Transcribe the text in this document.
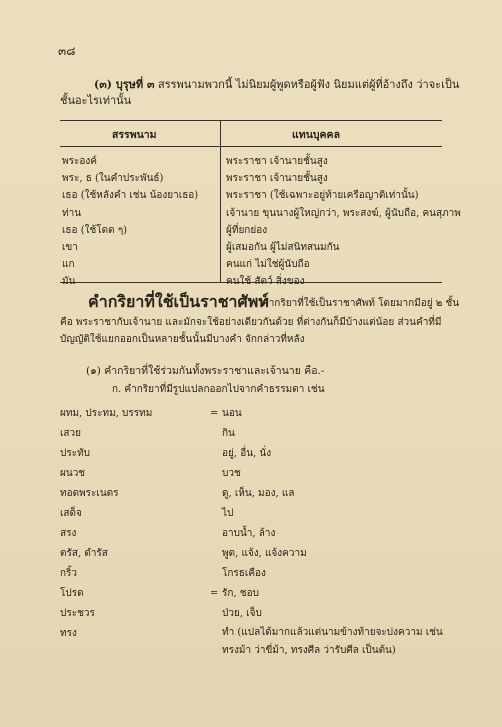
๓๘
(๓) บุรุษที่ ๓ สรรพนามพวกนี้ ไม่นิยมผู้พูดหรือผู้ฟัง นิยมแต่ผู้ที่อ้างถึง ว่าจะเป็น
ชั้นอะไรเท่านั้น
สรรพนาม	แทนบุคคล
พระองค์	พระราชา เจ้านายชั้นสูง
พระ, ธ (ในคำประพันธ์)	พระราชา เจ้านายชั้นสูง
เธอ (ใช้หลังคำ เช่น น้องยาเธอ)	พระราชา (ใช้เฉพาะอยู่ท้ายเครือญาติเท่านั้น)
ท่าน	เจ้านาย ขุนนางผู้ใหญ่กว่า, พระสงฆ์, ผู้นับถือ, คนสุภาพ
เธอ (ใช้โดด ๆ)	ผู้ที่ยกย่อง
เขา	ผู้เสมอกัน ผู้ไม่สนิทสนมกัน
แก	คนแก่ ไม่ใช่ผู้นับถือ
มัน	คนใช้ สัตว์ สิ่งของ
คำกริยาที่ใช้เป็นราชาศัพท์
คำกริยาที่ใช้เป็นราชาศัพท์ โดยมากมีอยู่ ๒ ชั้น
คือ พระราชากับเจ้านาย และมักจะใช้อย่างเดียวกันด้วย ที่ต่างกันก็มีบ้างแต่น้อย ส่วนคำที่มี
บัญญัติใช้แยกออกเป็นหลายชั้นนั้นมีบางคำ จักกล่าวที่หลัง
(๑) คำกริยาที่ใช้ร่วมกันทั้งพระราชาและเจ้านาย คือ.-
ก. คำกริยาที่มีรูปแปลกออกไปจากคำธรรมดา เช่น
ผทม, ประทม, บรรทม	= นอน
เสวย	กิน
ประทับ	อยู่, อื่น, นั่ง
ผนวช	บวช
ทอดพระเนตร	ดู, เห็น, มอง, แล
เสด็จ	ไป
สรง	อาบน้ำ, ล้าง
ตรัส, ดำรัส	พูด, แจ้ง, แจ้งความ
กริ้ว	โกรธเคือง
โปรด	= รัก, ชอบ
ประชวร	ป่วย, เจ็บ
ทรง	ทำ (แปลได้มากแล้วแต่นามข้างท้ายจะบ่งความ เช่น ทรงม้า ว่าขี่ม้า, ทรงศีล ว่ารับศีล เป็นต้น)
